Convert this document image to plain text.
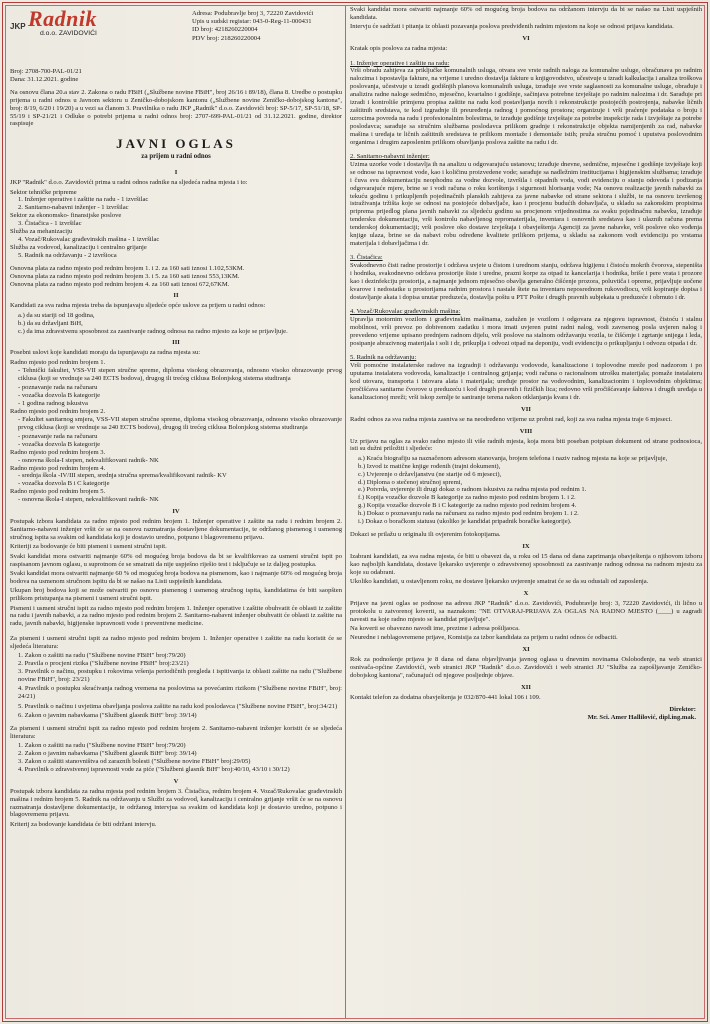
JKP Radnik
d.o.o. ZAVIDOVIĆI
Adresa: Podubravlje broj 3, 72220 Zavidovići
Upis u sudski registar: 043-0-Reg-11-000431
ID broj: 4218260220004
PDV broj: 218260220004
Broj: 2708-700-PAL-01/21
Dana: 31.12.2021. godine

Na osnovu člana 20.a stav 2. Zakona o radu FBiH („Službene novine FBiH", broj 26/16 i 89/18), člana 8. Uredbe o postupku prijema u radni odnos u Javnom sektoru u Zeničko-dobojskom kantonu („Službene novine Zeničko-dobojskog kantona", broj: 8/19, 6/20 i 19/20) a u vezi sa članom 3. Pravilnika o radu JKP „Radnik" d.o.o. Zavidovići broj: SP-5/17, SP-51/18, SP-55/19 i SP-21/21 i Odluke o potrebi prijema u radni odnos broj: 2707-699-PAL-01/21 od 31.12.2021. godine, direktor raspisuje

JAVNI OGLAS
za prijem u radni odnos
I

JKP "Radnik" d.o.o. Zavidovići prima u radni odnos radnike na sljedeća radna mjesta i to:

Sektor tehničke pripreme
1. Inženjer operative i zaštite na radu - 1 izvršilac
2. Sanitarno-nabavni inženjer - 1 izvršilac
Sektor za ekonomsko- finansijske poslove
3. Čistačica - 1 izvršilac
Služba za mehanizaciju
4. Vozač/Rukovalac građevinskih mašina - 1 izvršilac
Služba za vodovod, kanalizaciju i centralno grijanje
5. Radnik na održavanju - 2 izvršioca
Osnovna plata za radno mjesto pod rednim brojem 1. i 2. za 160 sati iznosi 1.102,53KM.
Osnovna plata za radno mjesto pod rednim brojem 3. i 5. za 160 sati iznosi 553,13KM.
Osnovna plata za radno mjesto pod rednim brojem 4. za 160 sati iznosi 672,67KM.
II

Kandidati za sva radna mjesta treba da ispunjavaju sljedeće opće uslove za prijem u radni odnos:

a.) da su stariji od 18 godina,
b.) da su državljani BiH,
c.) da ima zdravstvenu sposobnost za zasnivanje radnog odnosa na radno mjesto za koje se prijavljuje.
III

Posebni uslovi koje kandidati moraju da ispunjavaju za radna mjesta su:

Radno mjesto pod rednim brojem 1.
- Tehnički fakultet, VSS-VII stepen stručne spreme, diploma visokog obrazovanja, odnosno visoko obrazovanje prvog ciklusa (koji se vrednuje sa 240 ECTS bodova), drugog ili trećeg ciklusa Bolonjskog sistema studiranja
- poznavanje rada na računaru
- vozačka dozvola B kategorije
- 1 godina radnog iskustva
Radno mjesto pod rednim brojem 2.
- Fakultet sanitarnog smjera, VSS-VII stepen stručne spreme, diploma visokog obrazovanja, odnosno visoko obrazovanje prvog ciklusa (koji se vrednuje sa 240 ECTS bodova), drugog ili trećeg ciklusa Bolonjskog sistema studiranja
- poznavanje rada na računaru
- vozačka dozvola B kategorije
Radno mjesto pod rednim brojem 3.
- osnovna škola-I stepen, nekvalifikovani radnik- NK
Radno mjesto pod rednim brojem 4.
- srednja škola -IV/III stepen, srednja stručna sprema/kvalifikovani radnik- KV
- vozačka dozvola B i C kategorije
Radno mjesto pod rednim brojem 5.
- osnovna škola-I stepen, nekvalifikovani radnik- NK
IV

Postupak izbora kandidata za radno mjesto pod rednim brojem 1. Inženjer operative i zaštite na radu i rednim brojem 2. Sanitarno-nabavni inženjer vršit će se na osnovu razmatranja dostavljene dokumentacije, te održanog pismenog i usmenog stručnog ispita sa svakim od kandidata koji je dostavio uredno, potpuno i blagovremenu prijavu.

Kriteriji za bodovanje će biti pismeni i usmeni stručni ispit.

Svaki kandidat mora ostvariti najmanje 60% od mogućeg broja bodova da bi se kvalifikovao za usmeni stručni ispit po raspisanom javnom oglasu, u suprotnom će se smatrati da nije uspješno riješio test i isključuje se iz daljeg postupka.

Svaki kandidat mora ostvariti najmanje 60 % od mogućeg broja bodova na pismenom, kao i najmanje 60% od mogućeg broja bodova na usmenom stručnom ispitu da bi se našao na Listi uspješnih kandidata.

Ukupan broj bodova koji se može ostvariti po osnovu pismenog i usmenog stručnog ispita, kandidatima će biti saopšten prilikom pristupanja na pismeni i usmeni stručni ispit.

Pismeni i usmeni stručni ispit za radno mjesto pod rednim brojem 1. Inženjer operative i zaštite obuhvatit će oblasti iz zaštite na radu i javnih nabavki, a za radno mjesto pod rednim brojem 2. Sanitarno-nabavni inženjer obuhvatit će oblasti iz zaštite na radu, javnih nabavki, higijenske ispravnosti vode i preventivne medicine.

Za pismeni i usmeni stručni ispit za radno mjesto pod rednim brojem 1. Inženjer operative i zaštite na radu koristit će se sljedeća literatura:

1. Zakon o zaštiti na radu ("Službene novine FBiH" broj:79/20)
2. Pravila o procjeni rizika ("Službene novine FBiH" broj:23/21)
3. Pravilnik o načinu, postupku i rokovima vršenja periodičnih pregleda i ispitivanja iz oblasti zaštite na radu ("Službene novine FBiH", broj: 23/21)
4. Pravilnik o postupku skraćivanja radnog vremena na poslovima sa povećanim rizikom ("Službene novine FBiH", broj: 24/21)
5. Pravilnik o načinu i uvjetima obavljanja poslova zaštite na radu kod poslodavca ("Službene novine FBiH", broj:34/21)
6. Zakon o javnim nabavkama ("Službeni glasnik BiH" broj: 39/14)

Za pismeni i usmeni stručni ispit za radno mjesto pod rednim brojem 2. Sanitarno-nabavni inženjer koristit će se sljedeća literatura:

1. Zakon o zaštiti na radu ("Službene novine FBiH" broj:79/20)
2. Zakon o javnim nabavkama ("Službeni glasnik BiH" broj: 39/14)
3. Zakon o zaštiti stanovništva od zaraznih bolesti ("Službene novine FBiH" broj:29/05)
4. Pravilnik o zdravstvenoj ispravnosti vode za piće ("Službeni glasnik BiH" broj:40/10, 43/10 i 30/12)
V

Postupak izbora kandidata za radna mjesta pod rednim brojem 3. Čistačica, rednim brojem 4. Vozač/Rukovalac građevinskih mašina i rednim brojem 5. Radnik na održavanju u Službi za vodovod, kanalizaciju i centralno grijanje vršit će se na osnovu razmatranja dostavljene dokumentacije, te održanog intervjua sa svakim od kandidata koji je dostavio uredno, potpuno i blagovremenu prijavu.

Kriterij za bodovanje kandidata će biti održani intervju.

Svaki kandidat mora ostvariti najmanje 60% od mogućeg broja bodova na održanom intervju da bi se našao na Listi uspješnih kandidata.

Intervju će sadržati i pitanja iz oblasti pozavanja poslova predviđenih radnim mjestom na koje se odnosi prijava kandidata.

VI

Kratak opis poslova za radna mjesta:

1. Inženjer operative i zaštite na radu:

Vrši obradu zahtjeva za priključke komunalnih usluga, otvara sve vrste radnih naloga za komunalne usluge, obračunava po radnim nalozima i ispostavlja fakture, na vrijeme i uredno dostavlja fakture u knjigovodstvo, učestvuje u izradi kalkulacija i analiza troškova poslovanja, učestvuje u izradi godišnjih planova komunalnih usluga, izrađuje sve vrste saglasnosti za komunalne usluge, obrađuje i analizira radne naloge sedmično, mjesečno, kvartalno i godišnje, sačinjava potrebne izvještaje po radnim nalozima i dr. Sarađuje pri izradi i kontroliše primjenu propisa zaštite na radu kod postavljanja novih i rekonstrukcije postojećih postrojenja, nabavke ličnih zaštitnih sredstava, te kod izgradnje ili preuređenja radnog i pomoćnog prostora; organizuje i vrši praćenje podataka o broju i uzrocima povreda na radu i profesionalnim bolestima, te izrađuje godišnje izvještaje za potrebe inspekcije rada i izvještaje za potrebe poslodavca; sarađuje sa stručnim službama poslodavca prilikom gradnje i rekonstrukcije objekta namijenjenih za rad, nabavke mašina i uređaja te ličnih zaštitnih sredstava te prilikom montaže i demontaže istih; pruža stručnu pomoć i uputstva poslovodnim organima i drugim zaposlenim prilikom obavljanja poslova zaštite na radu i dr.

2. Sanitarno-nabavni inženjer:

Uzima uzorke vode i dostavlja ih na analizu u odgovarajuću ustanovu; izrađuje dnevne, sedmične, mjesečne i godišnje izvještaje koji se odnose na ispravnost vode, kao i količinu proizvedene vode; sarađuje sa nadležnim institucijama i higijenskim službama; izrađuje i čuva svu dokumentaciju neophodnu za vodne dozvole, izvršila i otpadnih voda, vodi evidenciju o stanju odovoda i podizanja odgovarajuće mjere, brine se i vodi računa o roku korištenja i sigurnosti hlorisanja vode; Na osnovu realizacije javnih nabavki za tekuću godinu i prikupljenih pojedinačnih planskih zahtjeva za javne nabavke od strane sektora i službi, te na osnovu izvršenog istraživanja tržišta koje se odnosi na postojeće dobavljače, kao i procjenu budućih dobavljača, u skladu sa zakonskim propisima priprema prijedlog plana javnih nabavki za sljedeću godinu sa procjenom vrijednostima za svaku pojedinačnu nabavku, izrađuje tendersku dokumentaciju, vrši kontrolu nabavljenog repromaterijala, inventara i osnovnih sredstava kao i ulaznih računa prema tenderskoj dokumentaciji; vrši poslove oko dostave izvještaja i obavještenja Agenciji za javne nabavke, vrši poslove oko vođenja knjige ulaza, brine se da nabavi robu određene kvalitete prilikom prijema, u skladu sa zakonom vodi evidenciju po vrstama materijala i dobavljačima i dr.

3. Čistačica:

Svakodnevno čisti radne prostorije i održava uvjete u čistom i urednom stanju, održava higijenu i čistoću mokrih čvorova, stepeništa i hodnika, svakodnevno održava prostorije šiste i uredne, prazni korpe za otpad iz kancelarija i hodnika, briše i pere vrata i prozore kao i dezinfekciju prostorija, a najmanje jednom mjesečno obavlja generalno čišćenje prozora, poluvtiča i opreme, prijavljuje uočene kvarove i nedostatke u prostorijama radnim prostora i nastale štete na inventaru neposrednom rukovodiocu, vrši kopiranje dopisa i dostavljanje akata i dopisa unutar preduzeća, dostavlja poštu u PTT Pošte i drugih pravnih subjekata u preduzeće i obrnuto i dr.

4. Vozač/Rukovalac građevinskih mašina:

Upravlja motornim vozilom i građevinskim mašinama, zadužen je vozilom i odgovara za njegovu ispravnost, čistoću i stalnu mobilnost, vrši prevoz po dobivenom zadatku i mora imati uvjeren putni radni nalog, vodi zavrsenog posla uvjeren nalog i prevedeno vrijeme upisano prednjem radnom dijelu, vrši poslove na stalnom održavanju vozila, te čišćenje i zgrtanje snijega i leda, posipanje abrazivnog materijala i soli i dr, prikuplja i odvozi otpad na deponiju, vodi evidenciju o prikupljanju i odvozu otpada i dr.

5. Radnik na održavanju:

Vrši pomoćne instalaterske radove na izgradnji i održavanju vodovode, kanalizacione i toplovodne mreže pod nadzorom i po uputama instalatera vodovoda, kanalizacije i centralnog grijanja; vodi računa o racionalnom utrošku materijala; pomaže instalateru kod utovara, transporta i istovara alata i materijala; uređuje prostor na vodovodnim, kanalizacionim i toplovodnim objektima; pročišćava sanitarne čvorove u preduzeću i kod drugih pravnih i fizičkih lica; redovno vrši pročišćavanje šahtova i drugih uređaja u kanalizacionoj mreži; vrši iskop zemlje te saniranje terena nakon otklanjanja kvara i dr.

VII

Radni odnos za sva radna mjesta zasniva se na neodređeno vrijeme uz probni rad, koji za sva radna mjesta traje 6 mjeseci.

VIII

Uz prijavu na oglas za svako radno mjesto ili više radnih mjesta, koja mora biti poseban potpisan dokument od strane podnosioca, isti su dužni priložiti i sljedeće:

a.) Kraću biografiju sa naznačenom adresom stanovanja, brojem telefona i naziv radnog mjesta na koje se prijavljuje,
b.) Izvod iz matične knjige rođenih (trajni dokument),
c.) Uvjerenje o državljanstvu (ne starije od 6 mjeseci),
d.) Diploma o stečenoj stručnoj spremi,
e.) Potvrda, uvjerenje ili drugi dokaz o radnom iskustvu za radna mjesta pod rednim 1.
f.) Kopija vozačke dozvole B kategorije za radno mjesto pod rednim brojem 1. i 2.
g.) Kopija vozačke dozvole B i C kategorije za radno mjesto pod rednim brojem 4.
h.) Dokaz o poznavanju rada na računaru za radno mjesto pod rednim brojem 1. i 2.
i.) Dokaz o boračkom statusu (ukoliko je kandidat pripadnik boračke kategorije).

Dokazi se prilažu u originalu ili ovjerenim fotokopijama.

IX

Izabrani kandidati, za sva radna mjesta, će biti u obavezi da, u roku od 15 dana od dana zaprimanja obavještenja o njihovom izboru kao najboljih kandidata, dostave ljekarsko uvjerenje o zdravstvenoj sposobnosti za zasnivanje radnog odnosa na radnom mjestu za koje su odabrani.

Ukoliko kandidati, u ostavljenom roku, ne dostave ljekarsko uvjerenje smatrat će se da su odustali od zaposlenja.

X

Prijave na javni oglas se podnose na adresu JKP "Radnik" d.o.o. Zavidovići, Podubravlje broj: 3, 72220 Zavidovići, ili lično u protokolu u zatvorenoj koverti, sa naznakom: "NE OTVARAJ-PRIJAVA ZA OGLAS NA RADNO MJESTO (____) u zagradi navesti na koje radno mjesto se kandidat prijavljuje".

Na koverti se obavezno navodi ime, prezime i adresa pošiljaoca.

Neuredne i neblagovremene prijave, Komisija za izbor kandidata za prijem u radni odnos će odbaciti.

XI

Rok za podnošenje prijava je 8 dana od dana objavljivanja javnog oglasa u dnevnim novinama Oslobođenje, na web stranici osnivača-općine Zavidovići, web stranici JKP "Radnik" d.o.o. Zavidovići i web stranici JU "Služba za zapošljavanje Zeničko-dobojskog kantona", računajući od njegove posljednje objave.

XII

Kontakt telefon za dodatna obavještenja je 032/870-441 lokal 106 i 109.

Direktor:
Mr. Sci. Amer Hallilović, dipl.ing.mak.
